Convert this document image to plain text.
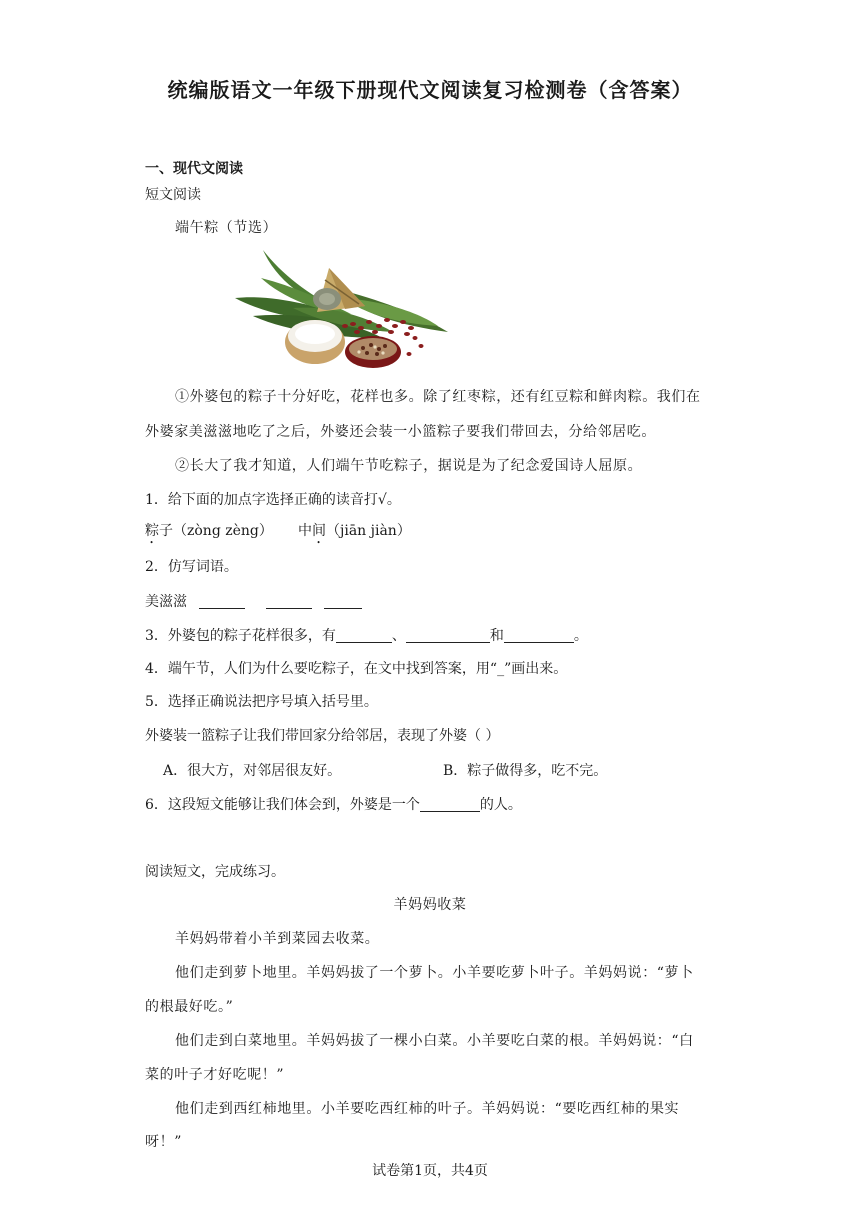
统编版语文一年级下册现代文阅读复习检测卷（含答案）
一、现代文阅读
短文阅读
端午粽（节选）
①外婆包的粽子十分好吃，花样也多。除了红枣粽，还有红豆粽和鲜肉粽。我们在
外婆家美滋滋地吃了之后，外婆还会装一小篮粽子要我们带回去，分给邻居吃。
②长大了我才知道，人们端午节吃粽子，据说是为了纪念爱国诗人屈原。
1．给下面的加点字选择正确的读音打√。
粽子（zòng zèng） 中间（jiān jiàn）
2．仿写词语。
美滋滋
3．外婆包的粽子花样很多，有	、	和	。
4．端午节，人们为什么要吃粽子，在文中找到答案，用“_”画出来。
5．选择正确说法把序号填入括号里。
外婆装一篮粽子让我们带回家分给邻居，表现了外婆（ ）
A．很大方，对邻居很友好。	B．粽子做得多，吃不完。
6．这段短文能够让我们体会到，外婆是一个	的人。
阅读短文，完成练习。
羊妈妈收菜
羊妈妈带着小羊到菜园去收菜。
他们走到萝卜地里。羊妈妈拔了一个萝卜。小羊要吃萝卜叶子。羊妈妈说：“萝卜
的根最好吃。”
他们走到白菜地里。羊妈妈拔了一棵小白菜。小羊要吃白菜的根。羊妈妈说：“白
菜的叶子才好吃呢！”
他们走到西红柿地里。小羊要吃西红柿的叶子。羊妈妈说：“要吃西红柿的果实
呀！”
试卷第1页，共4页
